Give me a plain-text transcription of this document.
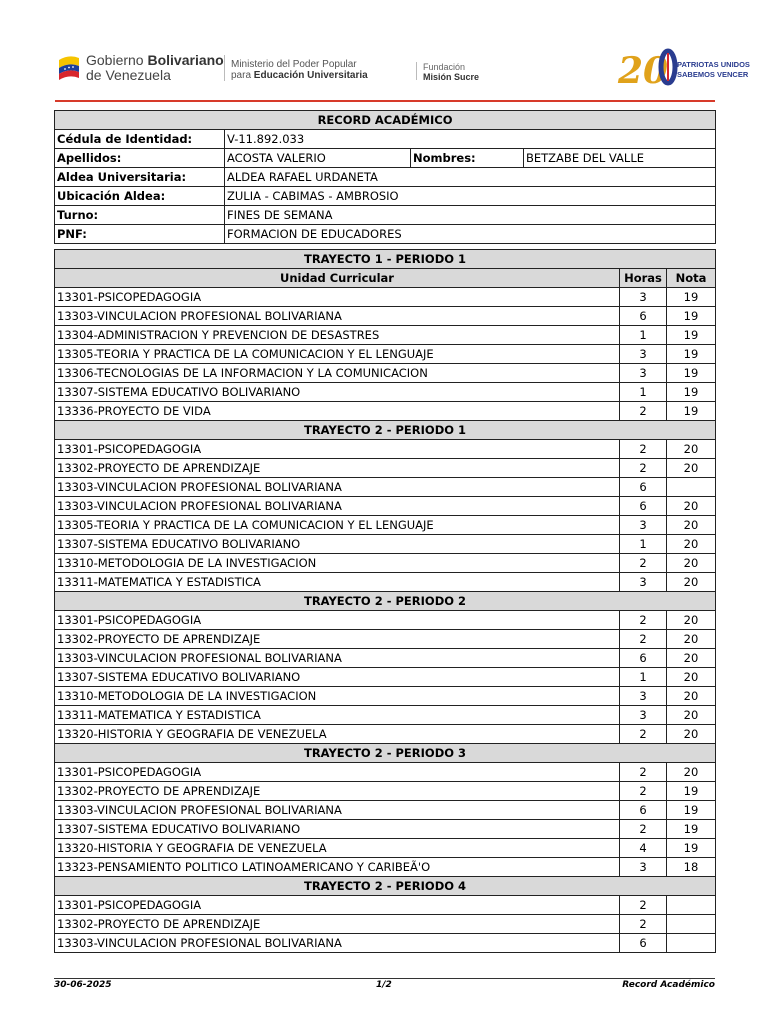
Gobierno Bolivariano
de Venezuela
Ministerio del Poder Popular
para Educación Universitaria
Fundación
Misión Sucre	20 PATRIOTAS UNIDOS
SABEMOS VENCER
RECORD ACADÉMICO			
Cédula de Identidad:	V-11.892.033		
Apellidos:	ACOSTA VALERIO	Nombres:	BETZABE DEL VALLE
Aldea Universitaria:	ALDEA RAFAEL URDANETA		
Ubicación Aldea:	ZULIA - CABIMAS - AMBROSIO		
Turno:	FINES DE SEMANA		
PNF:	FORMACION DE EDUCADORES		
TRAYECTO 1 - PERIODO 1		
Unidad Curricular	Horas	Nota
13301-PSICOPEDAGOGIA	3	19
13303-VINCULACION PROFESIONAL BOLIVARIANA	6	19
13304-ADMINISTRACION Y PREVENCION DE DESASTRES	1	19
13305-TEORIA Y PRACTICA DE LA COMUNICACION Y EL LENGUAJE	3	19
13306-TECNOLOGIAS DE LA INFORMACION Y LA COMUNICACION	3	19
13307-SISTEMA EDUCATIVO BOLIVARIANO	1	19
13336-PROYECTO DE VIDA	2	19
TRAYECTO 2 - PERIODO 1		
13301-PSICOPEDAGOGIA	2	20
13302-PROYECTO DE APRENDIZAJE	2	20
13303-VINCULACION PROFESIONAL BOLIVARIANA	6	
13303-VINCULACION PROFESIONAL BOLIVARIANA	6	20
13305-TEORIA Y PRACTICA DE LA COMUNICACION Y EL LENGUAJE	3	20
13307-SISTEMA EDUCATIVO BOLIVARIANO	1	20
13310-METODOLOGIA DE LA INVESTIGACION	2	20
13311-MATEMATICA Y ESTADISTICA	3	20
TRAYECTO 2 - PERIODO 2		
13301-PSICOPEDAGOGIA	2	20
13302-PROYECTO DE APRENDIZAJE	2	20
13303-VINCULACION PROFESIONAL BOLIVARIANA	6	20
13307-SISTEMA EDUCATIVO BOLIVARIANO	1	20
13310-METODOLOGIA DE LA INVESTIGACION	3	20
13311-MATEMATICA Y ESTADISTICA	3	20
13320-HISTORIA Y GEOGRAFIA DE VENEZUELA	2	20
TRAYECTO 2 - PERIODO 3		
13301-PSICOPEDAGOGIA	2	20
13302-PROYECTO DE APRENDIZAJE	2	19
13303-VINCULACION PROFESIONAL BOLIVARIANA	6	19
13307-SISTEMA EDUCATIVO BOLIVARIANO	2	19
13320-HISTORIA Y GEOGRAFIA DE VENEZUELA	4	19
13323-PENSAMIENTO POLITICO LATINOAMERICANO Y CARIBEÃ'O	3	18
TRAYECTO 2 - PERIODO 4		
13301-PSICOPEDAGOGIA	2	
13302-PROYECTO DE APRENDIZAJE	2	
13303-VINCULACION PROFESIONAL BOLIVARIANA	6	
30-06-2025	1/2	Record Académico
